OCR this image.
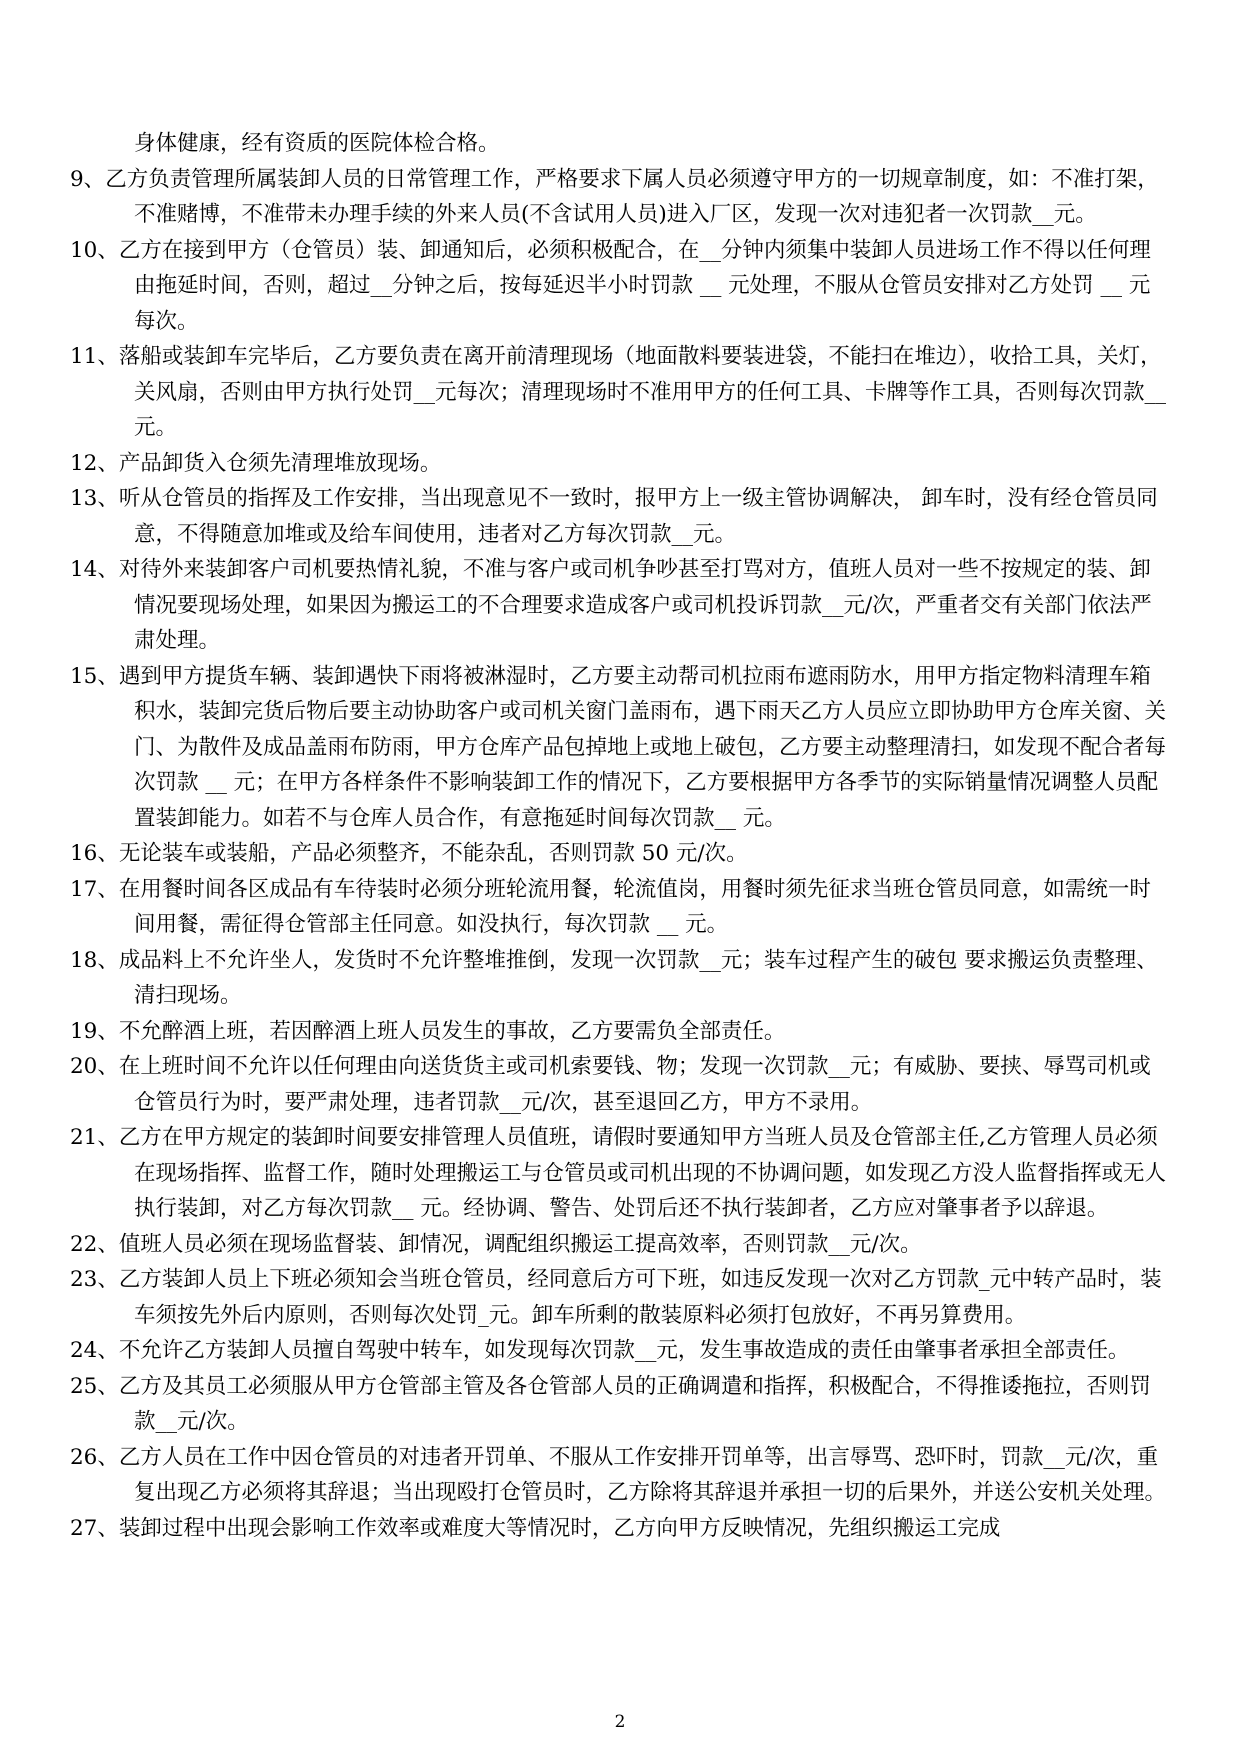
身体健康，经有资质的医院体检合格。
9、乙方负责管理所属装卸人员的日常管理工作，严格要求下属人员必须遵守甲方的一切规章制度，如：不准打架，不准赌博，不准带未办理手续的外来人员(不含试用人员)进入厂区，发现一次对违犯者一次罚款__元。
10、乙方在接到甲方（仓管员）装、卸通知后，必须积极配合，在__分钟内须集中装卸人员进场工作不得以任何理由拖延时间，否则，超过__分钟之后，按每延迟半小时罚款 __ 元处理，不服从仓管员安排对乙方处罚 __ 元每次。
11、落船或装卸车完毕后，乙方要负责在离开前清理现场（地面散料要装进袋，不能扫在堆边），收拾工具，关灯，关风扇，否则由甲方执行处罚__元每次；清理现场时不准用甲方的任何工具、卡牌等作工具，否则每次罚款__元。
12、产品卸货入仓须先清理堆放现场。
13、听从仓管员的指挥及工作安排，当出现意见不一致时，报甲方上一级主管协调解决， 卸车时，没有经仓管员同意，不得随意加堆或及给车间使用，违者对乙方每次罚款__元。
14、对待外来装卸客户司机要热情礼貌，不准与客户或司机争吵甚至打骂对方，值班人员对一些不按规定的装、卸情况要现场处理，如果因为搬运工的不合理要求造成客户或司机投诉罚款__元/次，严重者交有关部门依法严肃处理。
15、遇到甲方提货车辆、装卸遇快下雨将被淋湿时，乙方要主动帮司机拉雨布遮雨防水，用甲方指定物料清理车箱积水，装卸完货后物后要主动协助客户或司机关窗门盖雨布，遇下雨天乙方人员应立即协助甲方仓库关窗、关门、为散件及成品盖雨布防雨，甲方仓库产品包掉地上或地上破包，乙方要主动整理清扫，如发现不配合者每次罚款 __ 元；在甲方各样条件不影响装卸工作的情况下，乙方要根据甲方各季节的实际销量情况调整人员配置装卸能力。如若不与仓库人员合作，有意拖延时间每次罚款__ 元。
16、无论装车或装船，产品必须整齐，不能杂乱，否则罚款 50 元/次。
17、在用餐时间各区成品有车待装时必须分班轮流用餐，轮流值岗，用餐时须先征求当班仓管员同意，如需统一时间用餐，需征得仓管部主任同意。如没执行，每次罚款 __ 元。
18、成品料上不允许坐人，发货时不允许整堆推倒，发现一次罚款__元；装车过程产生的破包 要求搬运负责整理、清扫现场。
19、不允醉酒上班，若因醉酒上班人员发生的事故，乙方要需负全部责任。
20、在上班时间不允许以任何理由向送货货主或司机索要钱、物；发现一次罚款__元；有威胁、要挟、辱骂司机或仓管员行为时，要严肃处理，违者罚款__元/次，甚至退回乙方，甲方不录用。
21、乙方在甲方规定的装卸时间要安排管理人员值班，请假时要通知甲方当班人员及仓管部主任,乙方管理人员必须在现场指挥、监督工作，随时处理搬运工与仓管员或司机出现的不协调问题，如发现乙方没人监督指挥或无人执行装卸，对乙方每次罚款__ 元。经协调、警告、处罚后还不执行装卸者，乙方应对肇事者予以辞退。
22、值班人员必须在现场监督装、卸情况，调配组织搬运工提高效率，否则罚款__元/次。
23、乙方装卸人员上下班必须知会当班仓管员，经同意后方可下班，如违反发现一次对乙方罚款_元中转产品时，装车须按先外后内原则，否则每次处罚_元。卸车所剩的散装原料必须打包放好，不再另算费用。
24、不允许乙方装卸人员擅自驾驶中转车，如发现每次罚款__元，发生事故造成的责任由肇事者承担全部责任。
25、乙方及其员工必须服从甲方仓管部主管及各仓管部人员的正确调遣和指挥，积极配合，不得推诿拖拉，否则罚款__元/次。
26、乙方人员在工作中因仓管员的对违者开罚单、不服从工作安排开罚单等，出言辱骂、恐吓时，罚款__元/次，重复出现乙方必须将其辞退；当出现殴打仓管员时，乙方除将其辞退并承担一切的后果外，并送公安机关处理。
27、装卸过程中出现会影响工作效率或难度大等情况时，乙方向甲方反映情况，先组织搬运工完成
2
